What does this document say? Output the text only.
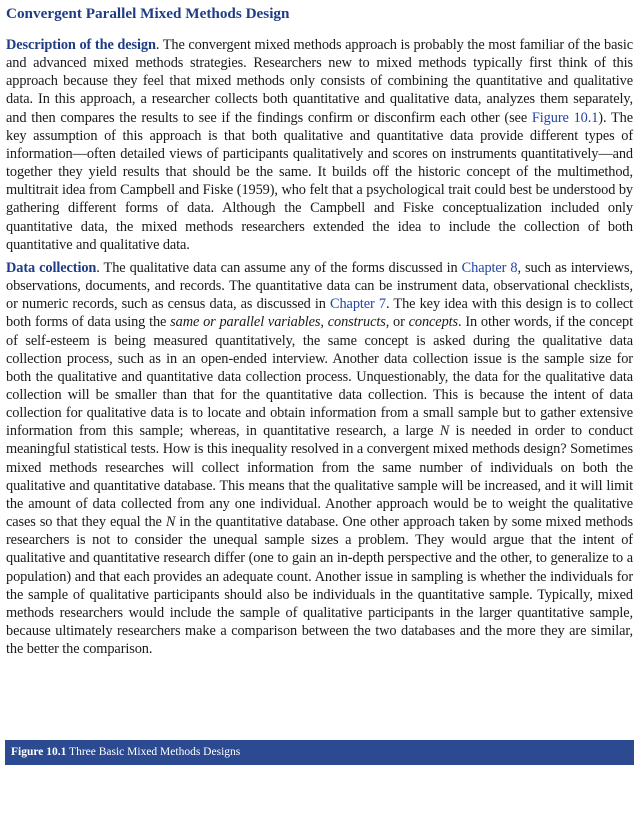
Convergent Parallel Mixed Methods Design

Description of the design. The convergent mixed methods approach is probably the most familiar of the basic and advanced mixed methods strategies. Researchers new to mixed methods typically first think of this approach because they feel that mixed methods only consists of combining the quantitative and qualitative data. In this approach, a researcher collects both quantitative and qualitative data, analyzes them separately, and then compares the results to see if the findings confirm or disconfirm each other (see Figure 10.1). The key assumption of this approach is that both qualitative and quantitative data provide different types of information—often detailed views of participants qualitatively and scores on instruments quantitatively—and together they yield results that should be the same. It builds off the historic concept of the multimethod, multitrait idea from Campbell and Fiske (1959), who felt that a psychological trait could best be understood by gathering different forms of data. Although the Campbell and Fiske conceptualization included only quantitative data, the mixed methods researchers extended the idea to include the collection of both quantitative and qualitative data.

Data collection. The qualitative data can assume any of the forms discussed in Chapter 8, such as interviews, observations, documents, and records. The quantitative data can be instrument data, observational checklists, or numeric records, such as census data, as discussed in Chapter 7. The key idea with this design is to collect both forms of data using the same or parallel variables, constructs, or concepts. In other words, if the concept of self-esteem is being measured quantitatively, the same concept is asked during the qualitative data collection process, such as in an open-ended interview. Another data collection issue is the sample size for both the qualitative and quantitative data collection process. Unquestionably, the data for the qualitative data collection will be smaller than that for the quantitative data collection. This is because the intent of data collection for qualitative data is to locate and obtain information from a small sample but to gather extensive information from this sample; whereas, in quantitative research, a large N is needed in order to conduct meaningful statistical tests. How is this inequality resolved in a convergent mixed methods design? Sometimes mixed methods researches will collect information from the same number of individuals on both the qualitative and quantitative database. This means that the qualitative sample will be increased, and it will limit the amount of data collected from any one individual. Another approach would be to weight the qualitative cases so that they equal the N in the quantitative database. One other approach taken by some mixed methods researchers is not to consider the unequal sample sizes a problem. They would argue that the intent of qualitative and quantitative research differ (one to gain an in-depth perspective and the other, to generalize to a population) and that each provides an adequate count. Another issue in sampling is whether the individuals for the sample of qualitative participants should also be individuals in the quantitative sample. Typically, mixed methods researchers would include the sample of qualitative participants in the larger quantitative sample, because ultimately researchers make a comparison between the two databases and the more they are similar, the better the comparison.

Figure 10.1 Three Basic Mixed Methods Designs
